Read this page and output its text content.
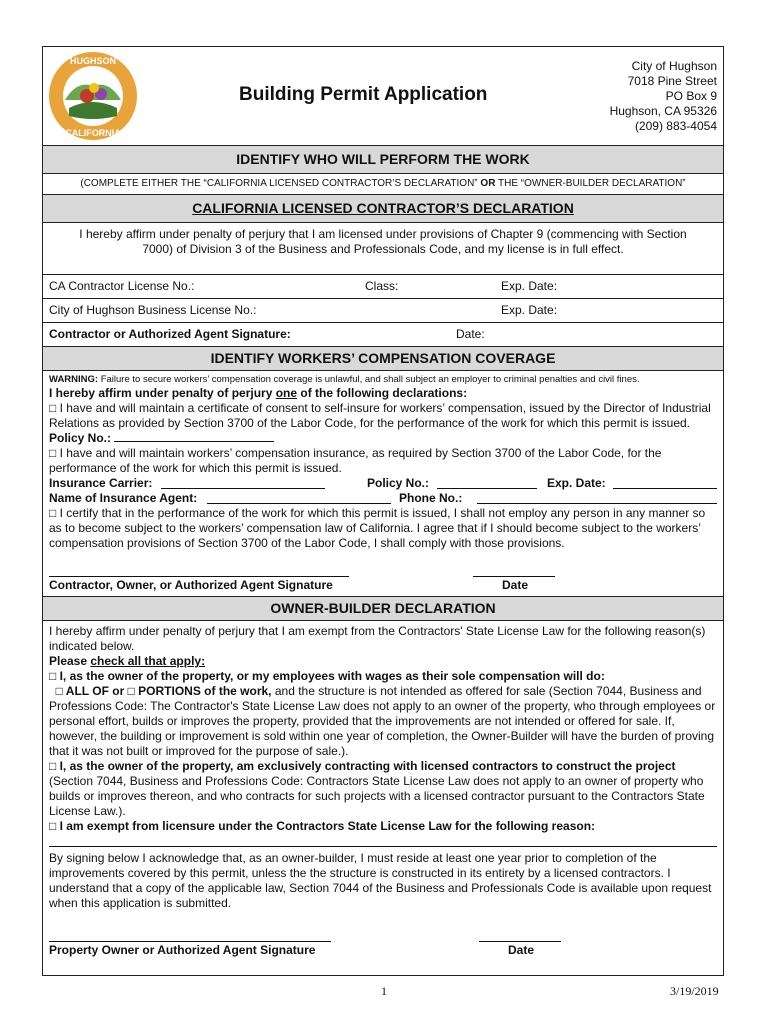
HUGHSON
CALIFORNIA
Building Permit Application
City of Hughson
7018 Pine Street
PO Box 9
Hughson, CA 95326
(209) 883-4054
IDENTIFY WHO WILL PERFORM THE WORK
(COMPLETE EITHER THE “CALIFORNIA LICENSED CONTRACTOR’S DECLARATION” OR THE “OWNER-BUILDER DECLARATION”
CALIFORNIA LICENSED CONTRACTOR’S DECLARATION
I hereby affirm under penalty of perjury that I am licensed under provisions of Chapter 9 (commencing with Section 7000) of Division 3 of the Business and Professionals Code, and my license is in full effect.
CA Contractor License No.:	Class:	Exp. Date:
City of Hughson Business License No.:	Exp. Date:
Contractor or Authorized Agent Signature:	Date:
IDENTIFY WORKERS’ COMPENSATION COVERAGE
WARNING: Failure to secure workers’ compensation coverage is unlawful, and shall subject an employer to criminal penalties and civil fines.
I hereby affirm under penalty of perjury one of the following declarations:
□ I have and will maintain a certificate of consent to self-insure for workers’ compensation, issued by the Director of Industrial Relations as provided by Section 3700 of the Labor Code, for the performance of the work for which this permit is issued.
Policy No.:
□ I have and will maintain workers’ compensation insurance, as required by Section 3700 of the Labor Code, for the performance of the work for which this permit is issued.
Insurance Carrier:	Policy No.:	Exp. Date:
Name of Insurance Agent:	Phone No.:
□ I certify that in the performance of the work for which this permit is issued, I shall not employ any person in any manner so as to become subject to the workers’ compensation law of California. I agree that if I should become subject to the workers’ compensation provisions of Section 3700 of the Labor Code, I shall comply with those provisions.
Contractor, Owner, or Authorized Agent Signature	Date
OWNER-BUILDER DECLARATION
I hereby affirm under penalty of perjury that I am exempt from the Contractors' State License Law for the following reason(s) indicated below.
Please check all that apply:
□ I, as the owner of the property, or my employees with wages as their sole compensation will do:
□ ALL OF or □ PORTIONS of the work, and the structure is not intended as offered for sale (Section 7044, Business and Professions Code: The Contractor's State License Law does not apply to an owner of the property, who through employees or personal effort, builds or improves the property, provided that the improvements are not intended or offered for sale. If, however, the building or improvement is sold within one year of completion, the Owner-Builder will have the burden of proving that it was not built or improved for the purpose of sale.).
□ I, as the owner of the property, am exclusively contracting with licensed contractors to construct the project (Section 7044, Business and Professions Code: Contractors State License Law does not apply to an owner of property who builds or improves thereon, and who contracts for such projects with a licensed contractor pursuant to the Contractors State License Law.).
□ I am exempt from licensure under the Contractors State License Law for the following reason:
By signing below I acknowledge that, as an owner-builder, I must reside at least one year prior to completion of the improvements covered by this permit, unless the the structure is constructed in its entirety by a licensed contractors. I understand that a copy of the applicable law, Section 7044 of the Business and Professionals Code is available upon request when this application is submitted.
Property Owner or Authorized Agent Signature	Date
1	3/19/2019
